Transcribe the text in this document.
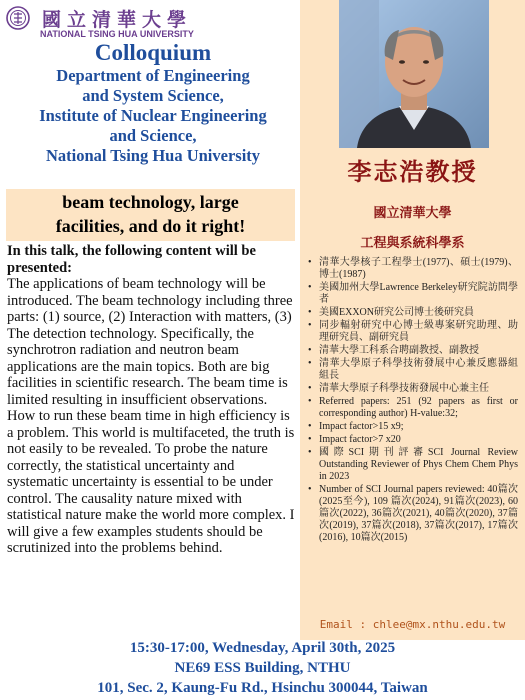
國立清華大學
NATIONAL TSING HUA UNIVERSITY
Colloquium
Department of Engineering
and System Science,
Institute of Nuclear Engineering
and Science,
National Tsing Hua University
beam technology, large
facilities, and do it right!
In this talk, the following content will be presented:
The applications of beam technology will be introduced. The beam technology including three parts: (1) source, (2) Interaction with matters, (3) The detection technology. Specifically, the synchrotron radiation and neutron beam applications are the main topics. Both are big facilities in scientific research. The beam time is limited resulting in insufficient observations. How to run these beam time in high efficiency is a problem. This world is multifaceted, the truth is not easily to be revealed. To probe the nature correctly, the statistical uncertainty and systematic uncertainty is essential to be under control. The causality nature mixed with statistical nature make the world more complex. I will give a few examples students should be scrutinized into the problems behind.
李志浩教授
國立清華大學
工程與系統科學系
• 清華大學核子工程學士(1977)、碩士(1979)、博士(1987)
• 美國加州大學Lawrence Berkeley研究院訪問學者
• 美國EXXON研究公司博士後研究員
• 同步輻射研究中心博士級專案研究助理、助理研究員、副研究員
• 清華大學工科系合聘副教授、副教授
• 清華大學原子科學技術發展中心兼反應器組組長
• 清華大學原子科學技術發展中心兼主任
• Referred papers: 251 (92 papers as first or corresponding author) H-value:32;
• Impact factor>15 x9;
• Impact factor>7 x20
• 國際SCI期刊評審SCI Journal Review Outstanding Reviewer of Phys Chem Chem Phys in 2023
• Number of SCI Journal papers reviewed: 40篇次 (2025至今), 109 篇次(2024), 91篇次(2023), 60篇次(2022), 36篇次(2021), 40篇次(2020), 37篇次(2019), 37篇次(2018), 37篇次(2017), 17篇次(2016), 10篇次(2015)
Email : chlee@mx.nthu.edu.tw
15:30-17:00, Wednesday, April 30th, 2025
NE69 ESS Building, NTHU
101, Sec. 2, Kaung-Fu Rd., Hsinchu 300044, Taiwan
